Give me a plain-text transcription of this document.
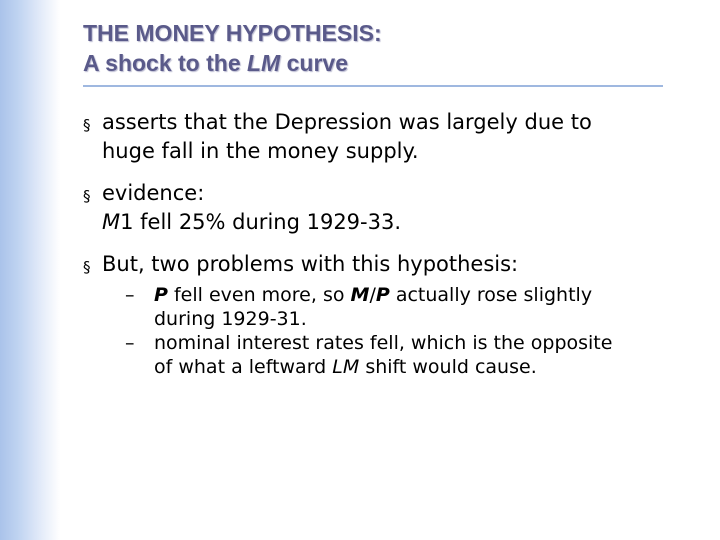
THE MONEY HYPOTHESIS:
A shock to the LM curve
§ asserts that the Depression was largely due to
huge fall in the money supply.
§ evidence:
M1 fell 25% during 1929-33.
§ But, two problems with this hypothesis:
– P fell even more, so M/P actually rose slightly
during 1929-31.
– nominal interest rates fell, which is the opposite
of what a leftward LM shift would cause.
